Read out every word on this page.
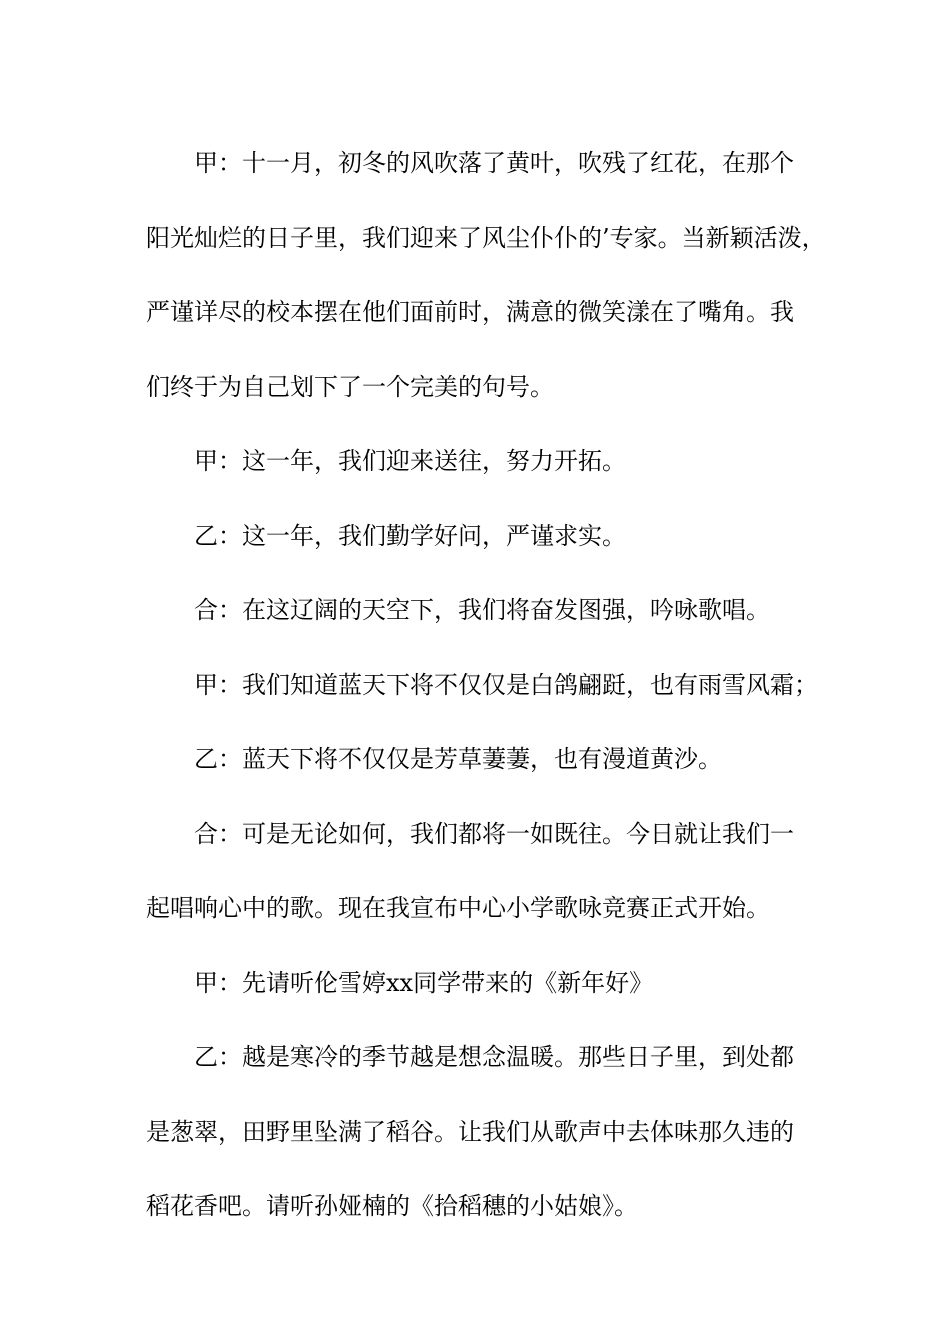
甲：十一月，初冬的风吹落了黄叶，吹残了红花，在那个
阳光灿烂的日子里，我们迎来了风尘仆仆的’专家。当新颖活泼，
严谨详尽的校本摆在他们面前时，满意的微笑漾在了嘴角。我
们终于为自己划下了一个完美的句号。

甲：这一年，我们迎来送往，努力开拓。

乙：这一年，我们勤学好问，严谨求实。

合：在这辽阔的天空下，我们将奋发图强，吟咏歌唱。

甲：我们知道蓝天下将不仅仅是白鸽翩跹，也有雨雪风霜；

乙：蓝天下将不仅仅是芳草萋萋，也有漫道黄沙。

合：可是无论如何，我们都将一如既往。今日就让我们一
起唱响心中的歌。现在我宣布中心小学歌咏竞赛正式开始。

甲：先请听伦雪婷xx同学带来的《新年好》

乙：越是寒冷的季节越是想念温暖。那些日子里，到处都
是葱翠，田野里坠满了稻谷。让我们从歌声中去体味那久违的
稻花香吧。请听孙娅楠的《拾稻穗的小姑娘》。
